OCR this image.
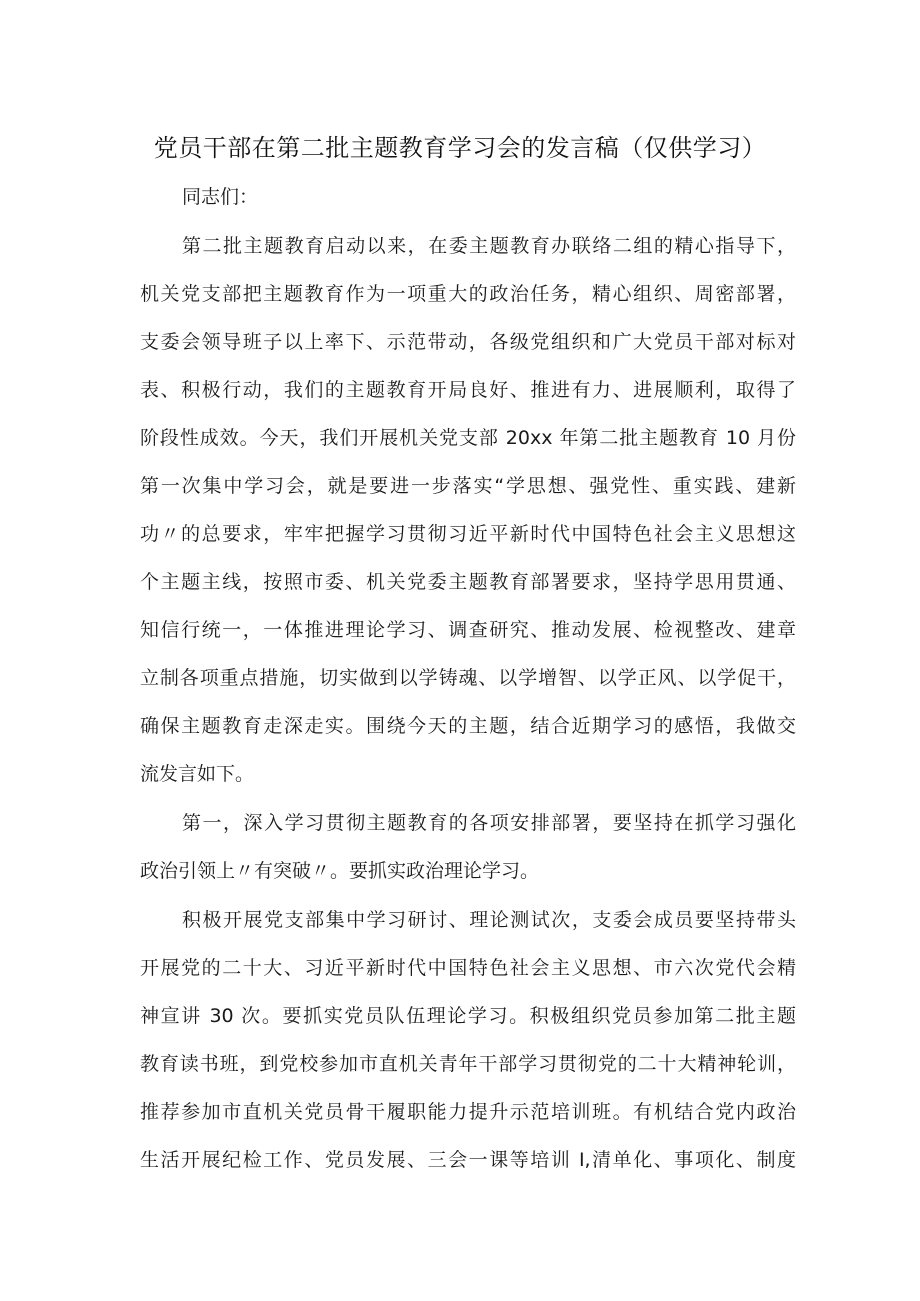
党员干部在第二批主题教育学习会的发言稿（仅供学习）
同志们：
第二批主题教育启动以来，在委主题教育办联络二组的精心指导下，
机关党支部把主题教育作为一项重大的政治任务，精心组织、周密部署，
支委会领导班子以上率下、示范带动，各级党组织和广大党员干部对标对
表、积极行动，我们的主题教育开局良好、推进有力、进展顺利，取得了
阶段性成效。今天，我们开展机关党支部 20xx 年第二批主题教育 10 月份
第一次集中学习会，就是要进一步落实“学思想、强党性、重实践、建新
功〃的总要求，牢牢把握学习贯彻习近平新时代中国特色社会主义思想这
个主题主线，按照市委、机关党委主题教育部署要求，坚持学思用贯通、
知信行统一，一体推进理论学习、调查研究、推动发展、检视整改、建章
立制各项重点措施，切实做到以学铸魂、以学增智、以学正风、以学促干，
确保主题教育走深走实。围绕今天的主题，结合近期学习的感悟，我做交
流发言如下。
第一，深入学习贯彻主题教育的各项安排部署，要坚持在抓学习强化
政治引领上〃有突破〃。要抓实政治理论学习。
积极开展党支部集中学习研讨、理论测试次，支委会成员要坚持带头
开展党的二十大、习近平新时代中国特色社会主义思想、市六次党代会精
神宣讲 30 次。要抓实党员队伍理论学习。积极组织党员参加第二批主题
教育读书班，到党校参加市直机关青年干部学习贯彻党的二十大精神轮训，
推荐参加市直机关党员骨干履职能力提升示范培训班。有机结合党内政治
生活开展纪检工作、党员发展、三会一课等培训 I,清单化、事项化、制度
